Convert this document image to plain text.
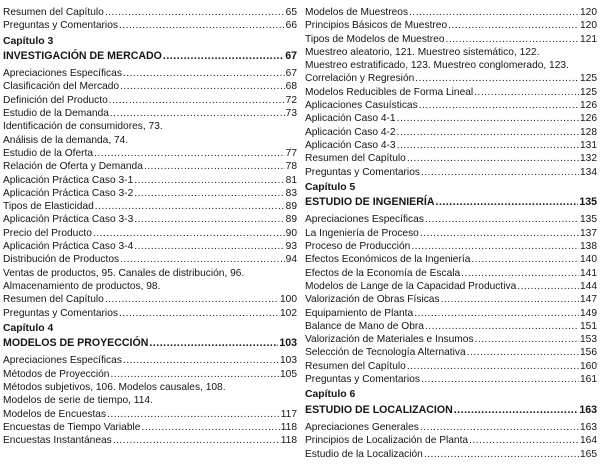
Resumen del Capítulo .....	65
Preguntas y Comentarios .....	66
Capítulo 3
INVESTIGACIÓN DE MERCADO .....	67
Apreciaciones Específicas .....	67
Clasificación del Mercado .....	68
Definición del Producto .....	72
Estudio de la Demanda .....	73
Identificación de consumidores, 73.
Análisis de la demanda, 74.
Estudio de la Oferta .....	77
Relación de Oferta y Demanda .....	78
Aplicación Práctica Caso 3-1 .....	81
Aplicación Práctica Caso 3-2 .....	83
Tipos de Elasticidad .....	89
Aplicación Práctica Caso 3-3 .....	89
Precio del Producto .....	90
Aplicación Práctica Caso 3-4 .....	93
Distribución de Productos .....	94
Ventas de productos, 95. Canales de distribución, 96.
Almacenamiento de productos, 98.
Resumen del Capítulo .....	100
Preguntas y Comentarios .....	102
Capítulo 4
MODELOS DE PROYECCIÓN .....	103
Apreciaciones Específicas .....	103
Métodos de Proyección .....	105
Métodos subjetivos, 106. Modelos causales, 108.
Modelos de serie de tiempo, 114.
Modelos de Encuestas .....	117
Encuestas de Tiempo Variable .....	118
Encuestas Instantáneas .....	118
Modelos de Muestreos .....	120
Principios Básicos de Muestreo .....	120
Tipos de Modelos de Muestreo .....	121
Muestreo aleatorio, 121. Muestreo sistemático, 122.
Muestreo estratificado, 123. Muestreo conglomerado, 123.
Correlación y Regresión .....	125
Modelos Reducibles de Forma Lineal .....	125
Aplicaciones Casuísticas .....	126
Aplicación Caso 4-1 .....	126
Aplicación Caso 4-2 .....	128
Aplicación Caso 4-3 .....	131
Resumen del Capítulo .....	132
Preguntas y Comentarios .....	134
Capítulo 5
ESTUDIO DE INGENIERÍA .....	135
Apreciaciones Específicas .....	135
La Ingeniería de Proceso .....	137
Proceso de Producción .....	138
Efectos Económicos de la Ingeniería .....	140
Efectos de la Economía de Escala .....	141
Modelos de Lange de la Capacidad Productiva .....	144
Valorización de Obras Físicas .....	147
Equipamiento de Planta .....	149
Balance de Mano de Obra .....	151
Valorización de Materiales e Insumos .....	153
Selección de Tecnología Alternativa .....	156
Resumen del Capítulo .....	160
Preguntas y Comentarios .....	161
Capítulo 6
ESTUDIO DE LOCALIZACION .....	163
Apreciaciones Generales .....	163
Principios de Localización de Planta .....	164
Estudio de la Localización .....	165
